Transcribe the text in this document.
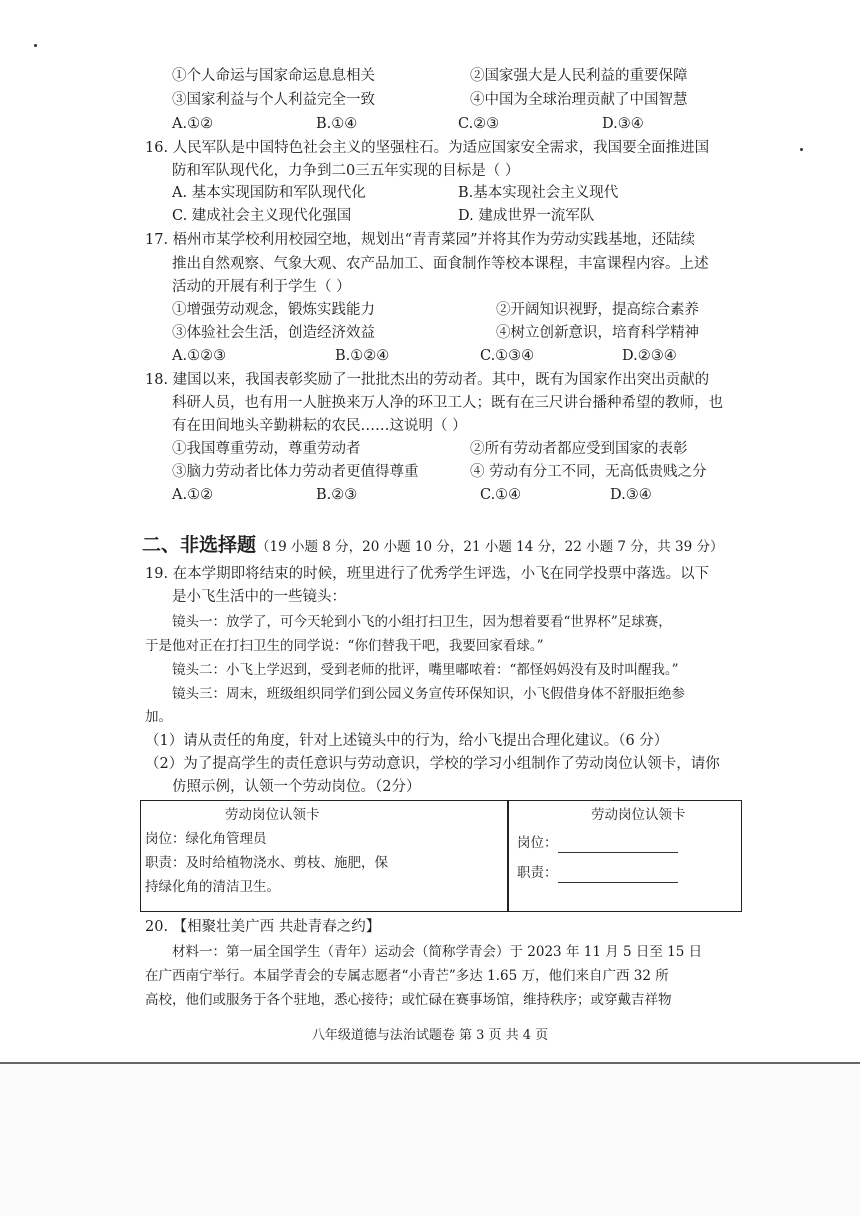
①个人命运与国家命运息息相关	②国家强大是人民利益的重要保障
③国家利益与个人利益完全一致	④中国为全球治理贡献了中国智慧
A.①②	B.①④	C.②③	D.③④
16. 人民军队是中国特色社会主义的坚强柱石。为适应国家安全需求，我国要全面推进国
防和军队现代化，力争到二0三五年实现的目标是（ ）
A. 基本实现国防和军队现代化	B.基本实现社会主义现代
C. 建成社会主义现代化强国	D. 建成世界一流军队
17. 梧州市某学校利用校园空地，规划出“青青菜园”并将其作为劳动实践基地，还陆续
推出自然观察、气象大观、农产品加工、面食制作等校本课程，丰富课程内容。上述
活动的开展有利于学生（ ）
①增强劳动观念，锻炼实践能力	②开阔知识视野，提高综合素养
③体验社会生活，创造经济效益	④树立创新意识，培育科学精神
A.①②③	B.①②④	C.①③④	D.②③④
18. 建国以来，我国表彰奖励了一批批杰出的劳动者。其中，既有为国家作出突出贡献的
科研人员，也有用一人脏换来万人净的环卫工人；既有在三尺讲台播种希望的教师，也
有在田间地头辛勤耕耘的农民……这说明（ ）
①我国尊重劳动，尊重劳动者	②所有劳动者都应受到国家的表彰
③脑力劳动者比体力劳动者更值得尊重	④ 劳动有分工不同，无高低贵贱之分
A.①②	B.②③	C.①④	D.③④
二、非选择题（19 小题 8 分，20 小题 10 分，21 小题 14 分，22 小题 7 分，共 39 分）
19. 在本学期即将结束的时候，班里进行了优秀学生评选，小飞在同学投票中落选。以下
是小飞生活中的一些镜头：
镜头一：放学了，可今天轮到小飞的小组打扫卫生，因为想着要看“世界杯”足球赛，
于是他对正在打扫卫生的同学说：“你们替我干吧，我要回家看球。”
镜头二：小飞上学迟到，受到老师的批评，嘴里嘟哝着：“都怪妈妈没有及时叫醒我。”
镜头三：周末，班级组织同学们到公园义务宣传环保知识，小飞假借身体不舒服拒绝参
加。
（1）请从责任的角度，针对上述镜头中的行为，给小飞提出合理化建议。（6 分）
（2）为了提高学生的责任意识与劳动意识，学校的学习小组制作了劳动岗位认领卡，请你
仿照示例，认领一个劳动岗位。（2分）
劳动岗位认领卡
岗位：绿化角管理员
职责：及时给植物浇水、剪枝、施肥，保
持绿化角的清洁卫生。
劳动岗位认领卡
岗位：
职责：
20. 【相聚壮美广西 共赴青春之约】
材料一：第一届全国学生（青年）运动会（简称学青会）于 2023 年 11 月 5 日至 15 日
在广西南宁举行。本届学青会的专属志愿者“小青芒”多达 1.65 万，他们来自广西 32 所
高校，他们或服务于各个驻地，悉心接待；或忙碌在赛事场馆，维持秩序；或穿戴吉祥物
八年级道德与法治试题卷 第 3 页 共 4 页
